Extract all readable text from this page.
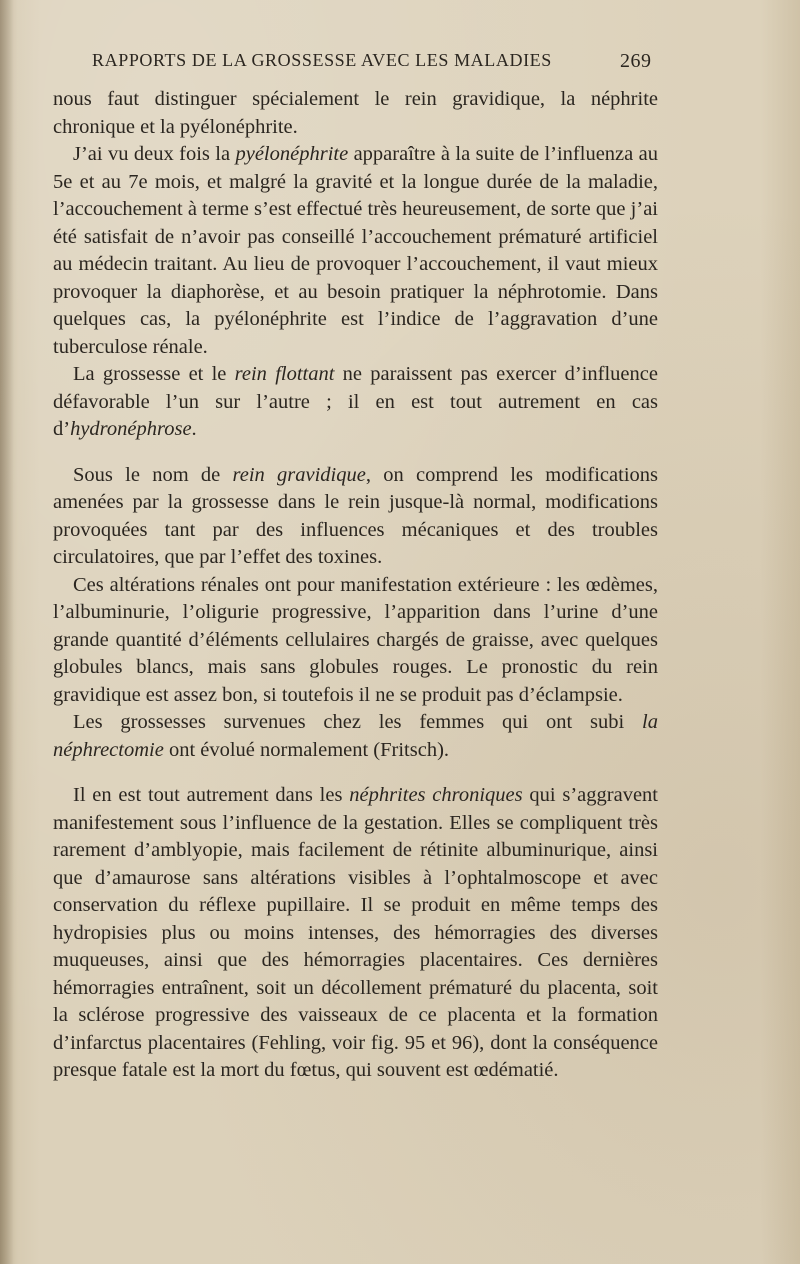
RAPPORTS DE LA GROSSESSE AVEC LES MALADIES	269

nous faut distinguer spécialement le rein gravidique, la néphrite chronique et la pyélonéphrite.

J’ai vu deux fois la pyélonéphrite apparaître à la suite de l’influenza au 5e et au 7e mois, et malgré la gravité et la longue durée de la maladie, l’accouchement à terme s’est effectué très heureusement, de sorte que j’ai été satisfait de n’avoir pas conseillé l’accouchement prématuré artificiel au médecin traitant. Au lieu de provoquer l’accouchement, il vaut mieux provoquer la diaphorèse, et au besoin pratiquer la néphrotomie. Dans quelques cas, la pyélonéphrite est l’indice de l’aggravation d’une tuberculose rénale.

La grossesse et le rein flottant ne paraissent pas exercer d’influence défavorable l’un sur l’autre ; il en est tout autrement en cas d’hydronéphrose.

Sous le nom de rein gravidique, on comprend les modifications amenées par la grossesse dans le rein jusque-là normal, modifications provoquées tant par des influences mécaniques et des troubles circulatoires, que par l’effet des toxines.

Ces altérations rénales ont pour manifestation extérieure : les œdèmes, l’albuminurie, l’oligurie progressive, l’apparition dans l’urine d’une grande quantité d’éléments cellulaires chargés de graisse, avec quelques globules blancs, mais sans globules rouges. Le pronostic du rein gravidique est assez bon, si toutefois il ne se produit pas d’éclampsie.

Les grossesses survenues chez les femmes qui ont subi la néphrectomie ont évolué normalement (Fritsch).

Il en est tout autrement dans les néphrites chroniques qui s’aggravent manifestement sous l’influence de la gestation. Elles se compliquent très rarement d’amblyopie, mais facilement de rétinite albuminurique, ainsi que d’amaurose sans altérations visibles à l’ophtalmoscope et avec conservation du réflexe pupillaire. Il se produit en même temps des hydropisies plus ou moins intenses, des hémorragies des diverses muqueuses, ainsi que des hémorragies placentaires. Ces dernières hémorragies entraînent, soit un décollement prématuré du placenta, soit la sclérose progressive des vaisseaux de ce placenta et la formation d’infarctus placentaires (Fehling, voir fig. 95 et 96), dont la conséquence presque fatale est la mort du fœtus, qui souvent est œdématié.
